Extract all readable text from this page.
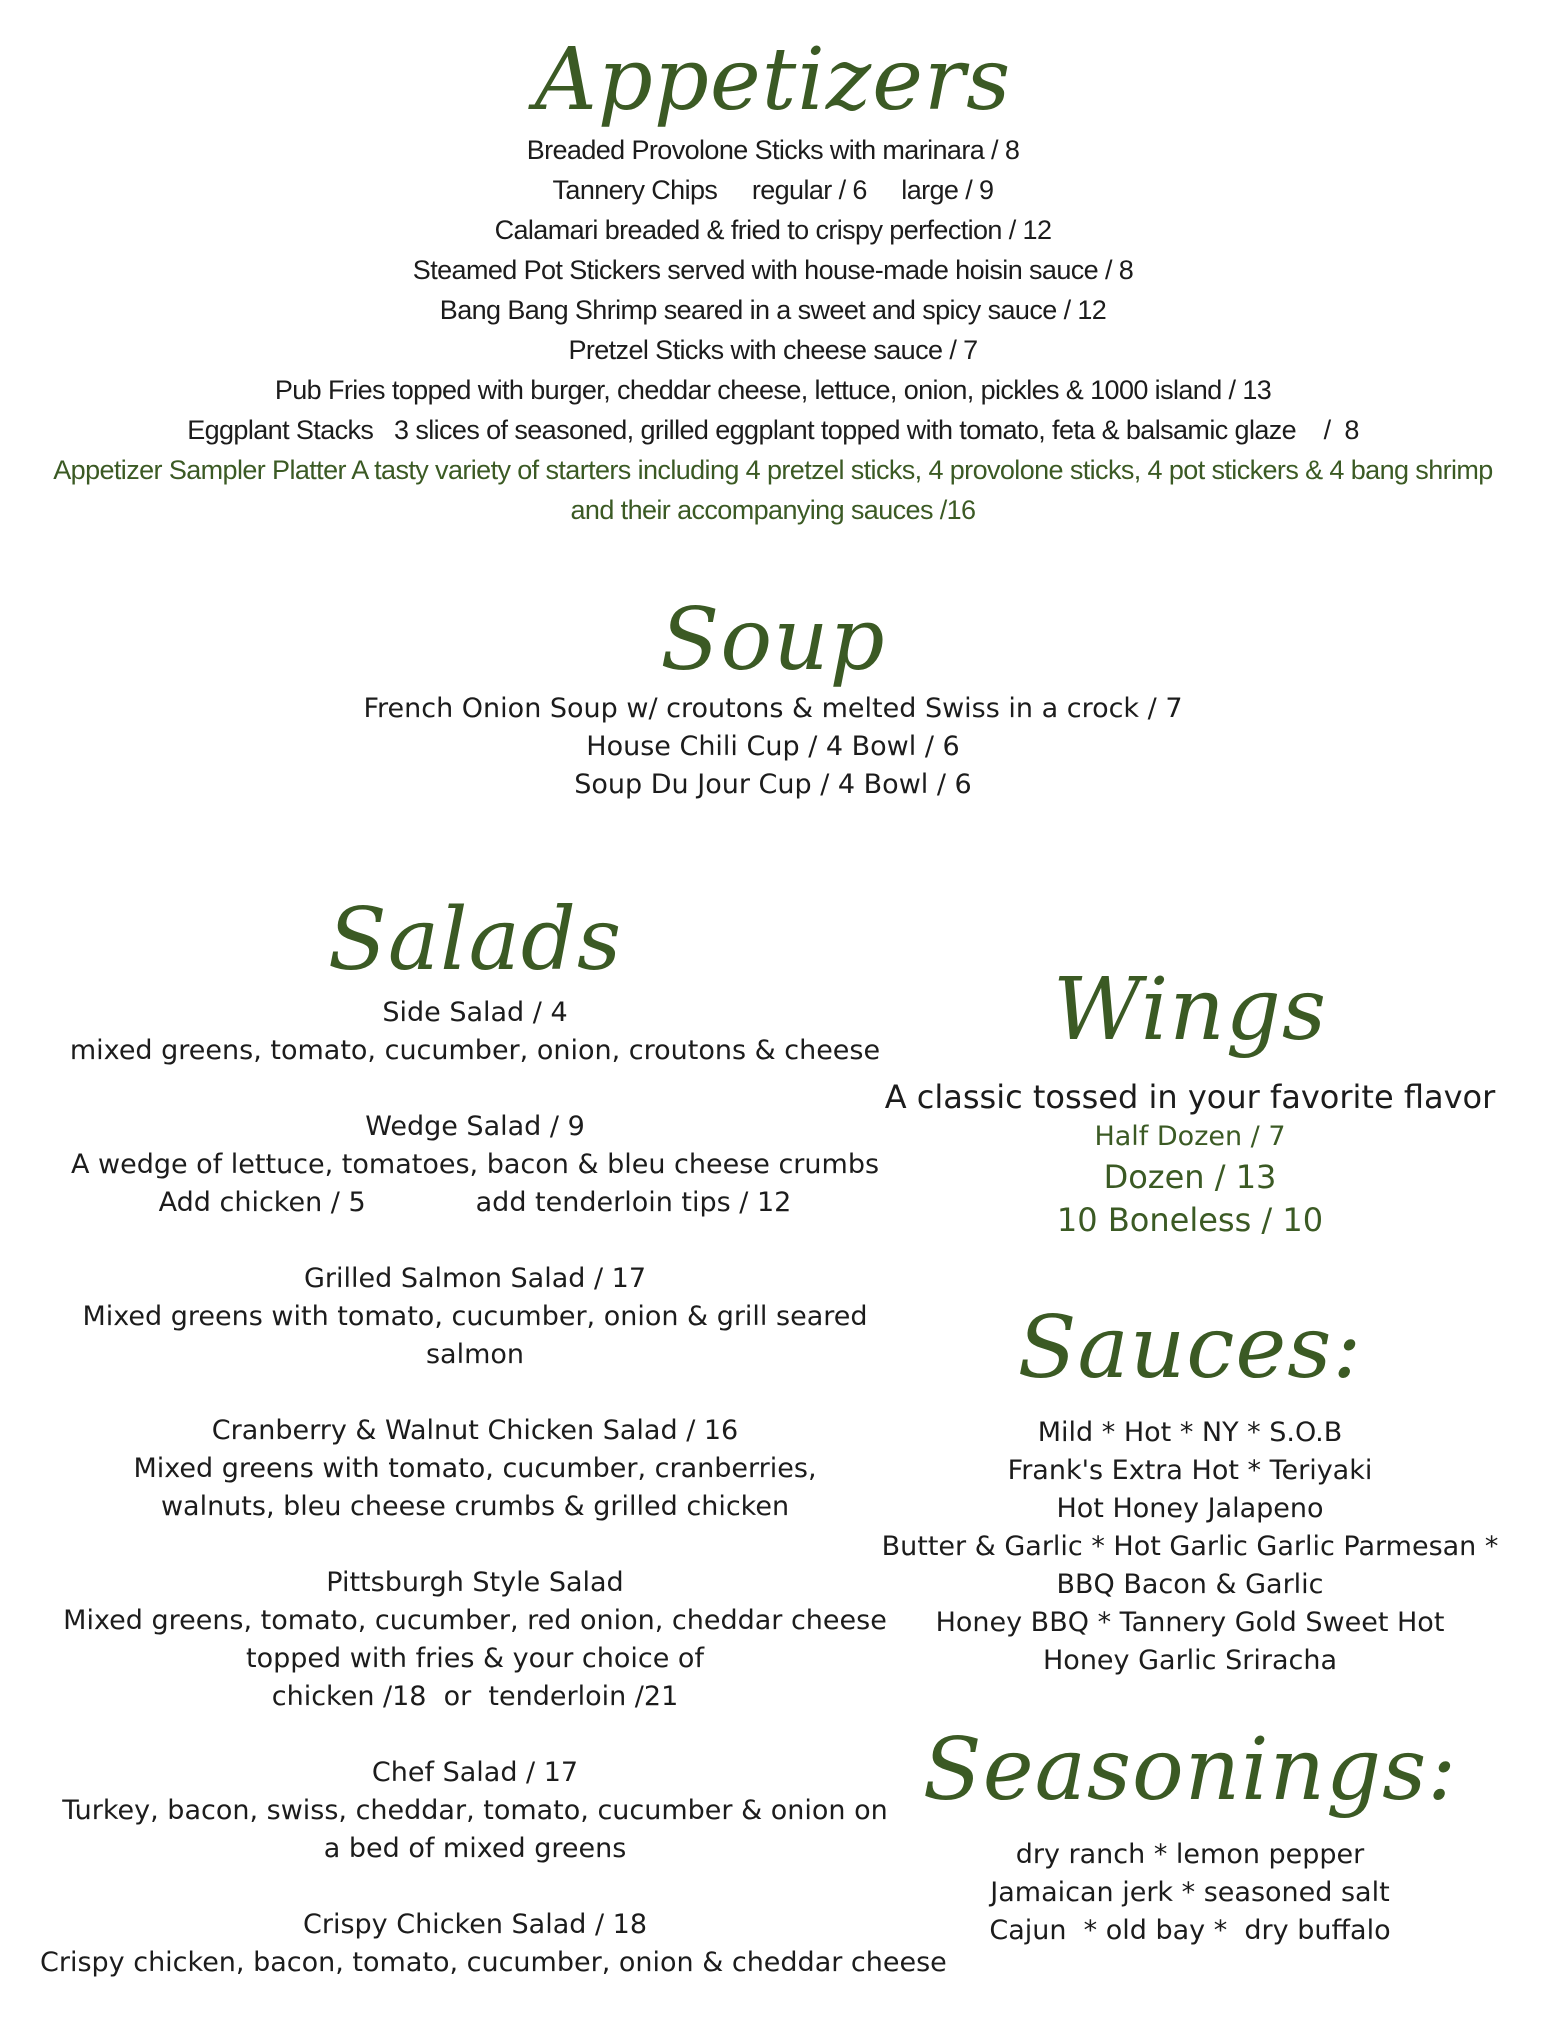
Appetizers
Breaded Provolone Sticks with marinara / 8
Tannery Chips     regular / 6     large / 9
Calamari breaded & fried to crispy perfection / 12
Steamed Pot Stickers served with house-made hoisin sauce / 8
Bang Bang Shrimp seared in a sweet and spicy sauce / 12
Pretzel Sticks with cheese sauce / 7
Pub Fries topped with burger, cheddar cheese, lettuce, onion, pickles & 1000 island / 13
Eggplant Stacks   3 slices of seasoned, grilled eggplant topped with tomato, feta & balsamic glaze    /  8
Appetizer Sampler Platter A tasty variety of starters including 4 pretzel sticks, 4 provolone sticks, 4 pot stickers & 4 bang shrimp and their accompanying sauces /16
Soup
French Onion Soup w/ croutons & melted Swiss in a crock / 7
House Chili Cup / 4 Bowl / 6
Soup Du Jour Cup / 4 Bowl / 6
Salads
Side Salad / 4
mixed greens, tomato, cucumber, onion, croutons & cheese
Wedge Salad / 9
A wedge of lettuce, tomatoes, bacon & bleu cheese crumbs
Add chicken / 5	add tenderloin tips / 12
Grilled Salmon Salad / 17
Mixed greens with tomato, cucumber, onion & grill seared salmon
Cranberry & Walnut Chicken Salad / 16
Mixed greens with tomato, cucumber, cranberries, walnuts, bleu cheese crumbs & grilled chicken
Pittsburgh Style Salad
Mixed greens, tomato, cucumber, red onion, cheddar cheese topped with fries & your choice of
chicken /18  or  tenderloin /21
Chef Salad / 17
Turkey, bacon, swiss, cheddar, tomato, cucumber & onion on a bed of mixed greens
Crispy Chicken Salad / 18
Crispy chicken, bacon, tomato, cucumber, onion & cheddar cheese
Wings
A classic tossed in your favorite flavor
Half Dozen / 7
Dozen / 13
10 Boneless / 10
Sauces:
Mild * Hot * NY * S.O.B
Frank's Extra Hot * Teriyaki
Hot Honey Jalapeno
Butter & Garlic * Hot Garlic Garlic Parmesan *
BBQ Bacon & Garlic
Honey BBQ * Tannery Gold Sweet Hot
Honey Garlic Sriracha
Seasonings:
dry ranch * lemon pepper
Jamaican jerk * seasoned salt
Cajun  * old bay *  dry buffalo
